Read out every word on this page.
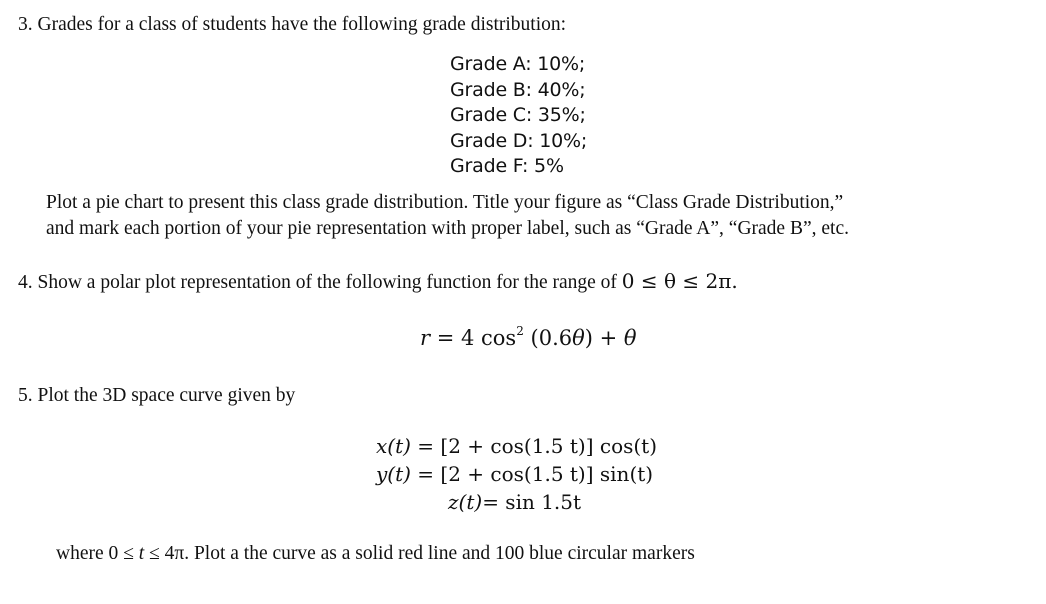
3. Grades for a class of students have the following grade distribution:
Grade A: 10%;
Grade B: 40%;
Grade C: 35%;
Grade D: 10%;
Grade F: 5%
Plot a pie chart to present this class grade distribution. Title your figure as “Class Grade Distribution,”
and mark each portion of your pie representation with proper label, such as “Grade A”, “Grade B”, etc.
4. Show a polar plot representation of the following function for the range of 0 ≤ θ ≤ 2π.
r = 4 $\cos^2 (0.6\theta) + \theta$
5. Plot the 3D space curve given by
x(t) = [2 + cos(1.5 t)] cos(t)
y(t) = [2 + cos(1.5 t)] sin(t)
z(t)= sin 1.5t
where 0 ≤ t ≤ 4π. Plot a the curve as a solid red line and 100 blue circular markers
